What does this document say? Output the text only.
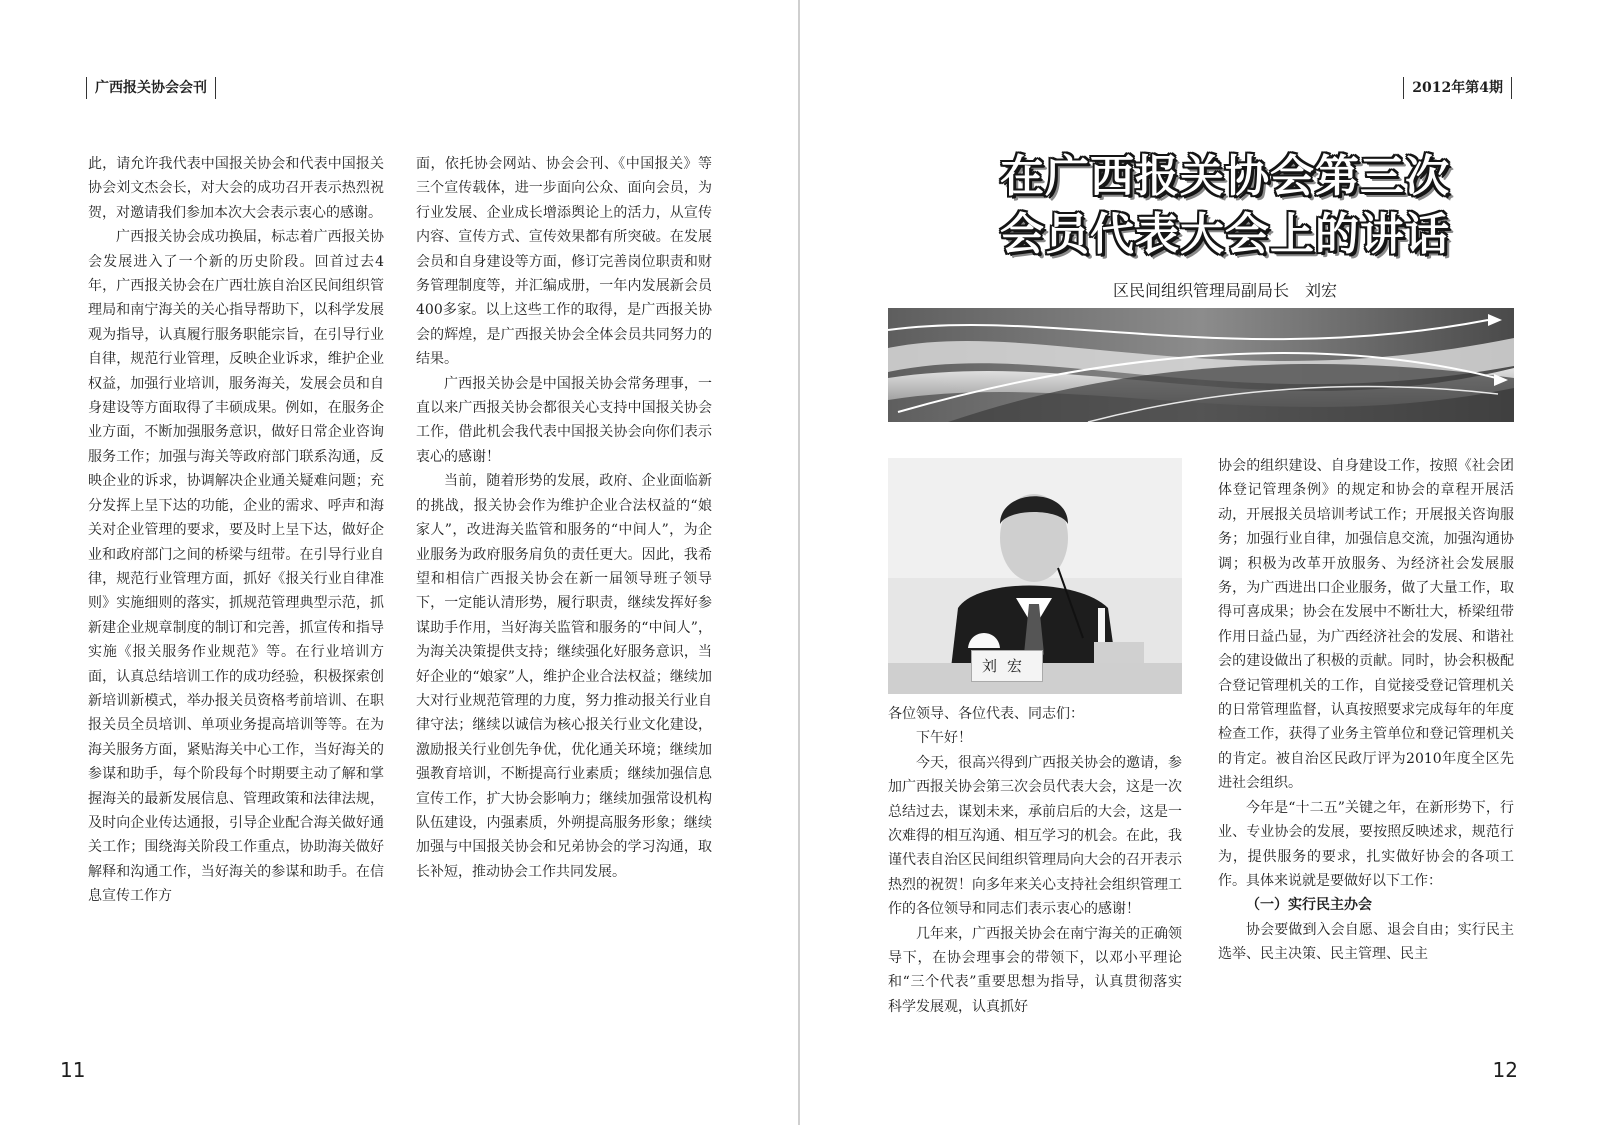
广西报关协会会刊

此，请允许我代表中国报关协会和代表中国报关协会刘文杰会长，对大会的成功召开表示热烈祝贺，对邀请我们参加本次大会表示衷心的感谢。

广西报关协会成功换届，标志着广西报关协会发展进入了一个新的历史阶段。回首过去4年，广西报关协会在广西壮族自治区民间组织管理局和南宁海关的关心指导帮助下，以科学发展观为指导，认真履行服务职能宗旨，在引导行业自律，规范行业管理，反映企业诉求，维护企业权益，加强行业培训，服务海关，发展会员和自身建设等方面取得了丰硕成果。例如，在服务企业方面，不断加强服务意识，做好日常企业咨询服务工作；加强与海关等政府部门联系沟通，反映企业的诉求，协调解决企业通关疑难问题；充分发挥上呈下达的功能，企业的需求、呼声和海关对企业管理的要求，要及时上呈下达，做好企业和政府部门之间的桥梁与纽带。在引导行业自律，规范行业管理方面，抓好《报关行业自律准则》实施细则的落实，抓规范管理典型示范，抓新建企业规章制度的制订和完善，抓宣传和指导实施《报关服务作业规范》等。在行业培训方面，认真总结培训工作的成功经验，积极探索创新培训新模式，举办报关员资格考前培训、在职报关员全员培训、单项业务提高培训等等。在为海关服务方面，紧贴海关中心工作，当好海关的参谋和助手，每个阶段每个时期要主动了解和掌握海关的最新发展信息、管理政策和法律法规，及时向企业传达通报，引导企业配合海关做好通关工作；围绕海关阶段工作重点，协助海关做好解释和沟通工作，当好海关的参谋和助手。在信息宣传工作方

面，依托协会网站、协会会刊、《中国报关》等三个宣传载体，进一步面向公众、面向会员，为行业发展、企业成长增添舆论上的活力，从宣传内容、宣传方式、宣传效果都有所突破。在发展会员和自身建设等方面，修订完善岗位职责和财务管理制度等，并汇编成册，一年内发展新会员400多家。以上这些工作的取得，是广西报关协会的辉煌，是广西报关协会全体会员共同努力的结果。

广西报关协会是中国报关协会常务理事，一直以来广西报关协会都很关心支持中国报关协会工作，借此机会我代表中国报关协会向你们表示衷心的感谢！

当前，随着形势的发展，政府、企业面临新的挑战，报关协会作为维护企业合法权益的“娘家人”，改进海关监管和服务的“中间人”，为企业服务为政府服务肩负的责任更大。因此，我希望和相信广西报关协会在新一届领导班子领导下，一定能认清形势，履行职责，继续发挥好参谋助手作用，当好海关监管和服务的“中间人”，为海关决策提供支持；继续强化好服务意识，当好企业的“娘家”人，维护企业合法权益；继续加大对行业规范管理的力度，努力推动报关行业自律守法；继续以诚信为核心报关行业文化建设，激励报关行业创先争优，优化通关环境；继续加强教育培训，不断提高行业素质；继续加强信息宣传工作，扩大协会影响力；继续加强常设机构队伍建设，内强素质，外朔提高服务形象；继续加强与中国报关协会和兄弟协会的学习沟通，取长补短，推动协会工作共同发展。

11
2012年第4期
在广西报关协会第三次
会员代表大会上的讲话
区民间组织管理局副局长　刘宏
刘宏

各位领导、各位代表、同志们：

下午好！

今天，很高兴得到广西报关协会的邀请，参加广西报关协会第三次会员代表大会，这是一次总结过去，谋划未来，承前启后的大会，这是一次难得的相互沟通、相互学习的机会。在此，我谨代表自治区民间组织管理局向大会的召开表示热烈的祝贺！向多年来关心支持社会组织管理工作的各位领导和同志们表示衷心的感谢！

几年来，广西报关协会在南宁海关的正确领导下，在协会理事会的带领下，以邓小平理论和“三个代表”重要思想为指导，认真贯彻落实科学发展观，认真抓好

协会的组织建设、自身建设工作，按照《社会团体登记管理条例》的规定和协会的章程开展活动，开展报关员培训考试工作；开展报关咨询服务；加强行业自律，加强信息交流，加强沟通协调；积极为改革开放服务、为经济社会发展服务，为广西进出口企业服务，做了大量工作，取得可喜成果；协会在发展中不断壮大，桥梁纽带作用日益凸显，为广西经济社会的发展、和谐社会的建设做出了积极的贡献。同时，协会积极配合登记管理机关的工作，自觉接受登记管理机关的日常管理监督，认真按照要求完成每年的年度检查工作，获得了业务主管单位和登记管理机关的肯定。被自治区民政厅评为2010年度全区先进社会组织。

今年是“十二五”关键之年，在新形势下，行业、专业协会的发展，要按照反映述求，规范行为，提供服务的要求，扎实做好协会的各项工作。具体来说就是要做好以下工作：

（一）实行民主办会

协会要做到入会自愿、退会自由；实行民主选举、民主决策、民主管理、民主

12
